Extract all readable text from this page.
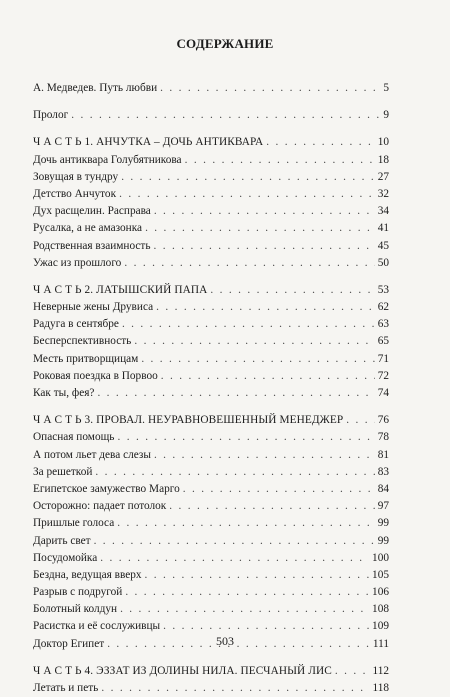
СОДЕРЖАНИЕ
А. Медведев. Путь любви . . .	5
Пролог . . .	9
Ч А С Т Ь 1. АНЧУТКА – ДОЧЬ АНТИКВАРА . . .	10
Дочь антиквара Голубятникова . . .	18
Зовущая в тундру . . .	27
Детство Анчуток . . .	32
Дух расщелин. Расправа . . .	34
Русалка, а не амазонка . . .	41
Родственная взаимность . . .	45
Ужас из прошлого . . .	50
Ч А С Т Ь 2. ЛАТЫШСКИЙ ПАПА . . .	53
Неверные жены Друвиса . . .	62
Радуга в сентябре . . .	63
Бесперспективность . . .	65
Месть притворщицам . . .	71
Роковая поездка в Порвоо . . .	72
Как ты, фея? . . .	74
Ч А С Т Ь 3. ПРОВАЛ. НЕУРАВНОВЕШЕННЫЙ МЕНЕДЖЕР . . .	76
Опасная помощь . . .	78
А потом льет дева слезы . . .	81
За решеткой . . .	83
Египетское замужество Марго . . .	84
Осторожно: падает потолок . . .	97
Пришлые голоса . . .	99
Дарить свет . . .	99
Посудомойка . . .	100
Бездна, ведущая вверх . . .	105
Разрыв с подругой . . .	106
Болотный колдун . . .	108
Расистка и её сослуживцы . . .	109
Доктор Египет . . .	111
Ч А С Т Ь 4. ЭЗЗАТ ИЗ ДОЛИНЫ НИЛА. ПЕСЧАНЫЙ ЛИС . . .	112
Летать и петь . . .	118
503
